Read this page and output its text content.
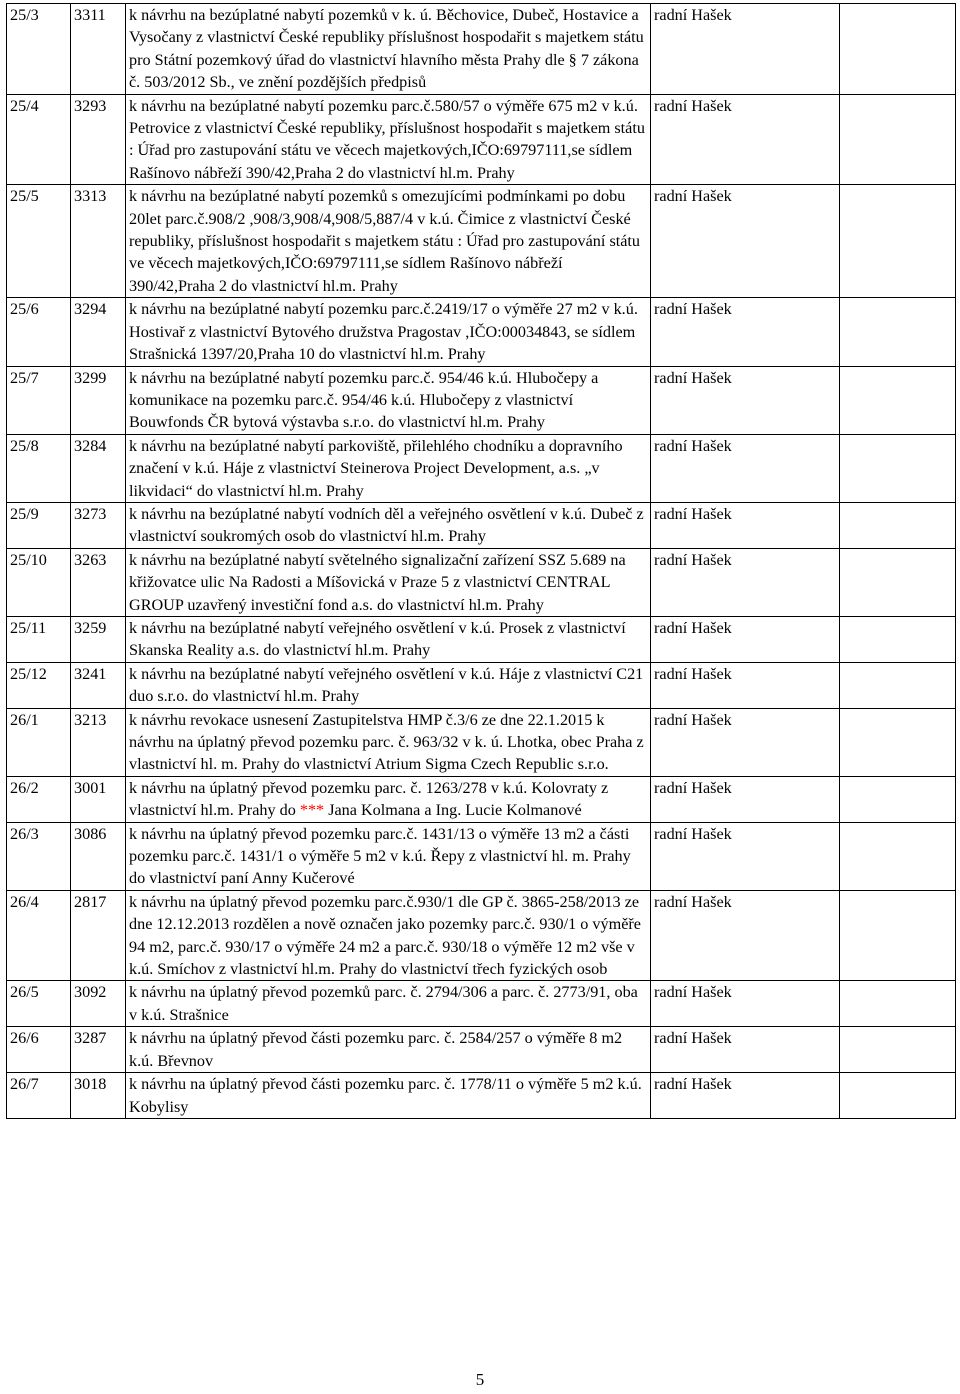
25/3	3311	k návrhu na bezúplatné nabytí pozemků v k. ú. Běchovice, Dubeč, Hostavice a Vysočany z vlastnictví České republiky příslušnost hospodařit s majetkem státu pro Státní pozemkový úřad do vlastnictví hlavního města Prahy dle § 7 zákona č. 503/2012 Sb., ve znění pozdějších předpisů	radní Hašek	
25/4	3293	k návrhu na bezúplatné nabytí pozemku parc.č.580/57 o výměře 675 m2 v k.ú. Petrovice z vlastnictví České republiky, příslušnost hospodařit s majetkem státu : Úřad pro zastupování státu ve věcech majetkových,IČO:69797111,se sídlem Rašínovo nábřeží 390/42,Praha 2 do vlastnictví hl.m. Prahy	radní Hašek	
25/5	3313	k návrhu na bezúplatné nabytí pozemků s omezujícími podmínkami po dobu 20let parc.č.908/2 ,908/3,908/4,908/5,887/4 v k.ú. Čimice z vlastnictví České republiky, příslušnost hospodařit s majetkem státu : Úřad pro zastupování státu ve věcech majetkových,IČO:69797111,se sídlem Rašínovo nábřeží 390/42,Praha 2 do vlastnictví hl.m. Prahy	radní Hašek	
25/6	3294	k návrhu na bezúplatné nabytí pozemku parc.č.2419/17 o výměře 27 m2 v k.ú. Hostivař z vlastnictví Bytového družstva Pragostav ,IČO:00034843, se sídlem Strašnická 1397/20,Praha 10 do vlastnictví hl.m. Prahy	radní Hašek	
25/7	3299	k návrhu na bezúplatné nabytí pozemku parc.č. 954/46 k.ú. Hlubočepy a komunikace na pozemku parc.č. 954/46 k.ú. Hlubočepy z vlastnictví Bouwfonds ČR bytová výstavba s.r.o. do vlastnictví hl.m. Prahy	radní Hašek	
25/8	3284	k návrhu na bezúplatné nabytí parkoviště, přilehlého chodníku a dopravního značení v k.ú. Háje z vlastnictví Steinerova Project Development, a.s. „v likvidaci“ do vlastnictví hl.m. Prahy	radní Hašek	
25/9	3273	k návrhu na bezúplatné nabytí vodních děl a veřejného osvětlení v k.ú. Dubeč z vlastnictví soukromých osob do vlastnictví hl.m. Prahy	radní Hašek	
25/10	3263	k návrhu na bezúplatné nabytí světelného signalizační zařízení SSZ 5.689 na křižovatce ulic Na Radosti a Míšovická v Praze 5 z vlastnictví CENTRAL GROUP uzavřený investiční fond a.s. do vlastnictví hl.m. Prahy	radní Hašek	
25/11	3259	k návrhu na bezúplatné nabytí veřejného osvětlení v k.ú. Prosek z vlastnictví Skanska Reality a.s. do vlastnictví hl.m. Prahy	radní Hašek	
25/12	3241	k návrhu na bezúplatné nabytí veřejného osvětlení v k.ú. Háje z vlastnictví C21 duo s.r.o. do vlastnictví hl.m. Prahy	radní Hašek	
26/1	3213	k návrhu revokace usnesení Zastupitelstva HMP č.3/6 ze dne 22.1.2015 k návrhu na úplatný převod pozemku parc. č. 963/32 v k. ú. Lhotka, obec Praha z vlastnictví hl. m. Prahy do vlastnictví Atrium Sigma Czech Republic s.r.o.	radní Hašek	
26/2	3001	k návrhu na úplatný převod pozemku parc. č. 1263/278 v k.ú. Kolovraty z vlastnictví hl.m. Prahy do *** Jana Kolmana a Ing. Lucie Kolmanové	radní Hašek	
26/3	3086	k návrhu na úplatný převod pozemku parc.č. 1431/13 o výměře 13 m2 a části pozemku parc.č. 1431/1 o výměře 5 m2 v k.ú. Řepy z vlastnictví hl. m. Prahy do vlastnictví paní Anny Kučerové	radní Hašek	
26/4	2817	k návrhu na úplatný převod pozemku parc.č.930/1 dle GP č. 3865-258/2013 ze dne 12.12.2013 rozdělen a nově označen jako pozemky parc.č. 930/1 o výměře 94 m2, parc.č. 930/17 o výměře 24 m2 a parc.č. 930/18 o výměře 12 m2 vše v k.ú. Smíchov z vlastnictví hl.m. Prahy do vlastnictví třech fyzických osob	radní Hašek	
26/5	3092	k návrhu na úplatný převod pozemků parc. č. 2794/306 a parc. č. 2773/91, oba v k.ú. Strašnice	radní Hašek	
26/6	3287	k návrhu na úplatný převod části pozemku parc. č. 2584/257 o výměře 8 m2 k.ú. Břevnov	radní Hašek	
26/7	3018	k návrhu na úplatný převod části pozemku parc. č. 1778/11 o výměře 5 m2 k.ú. Kobylisy	radní Hašek	
5
